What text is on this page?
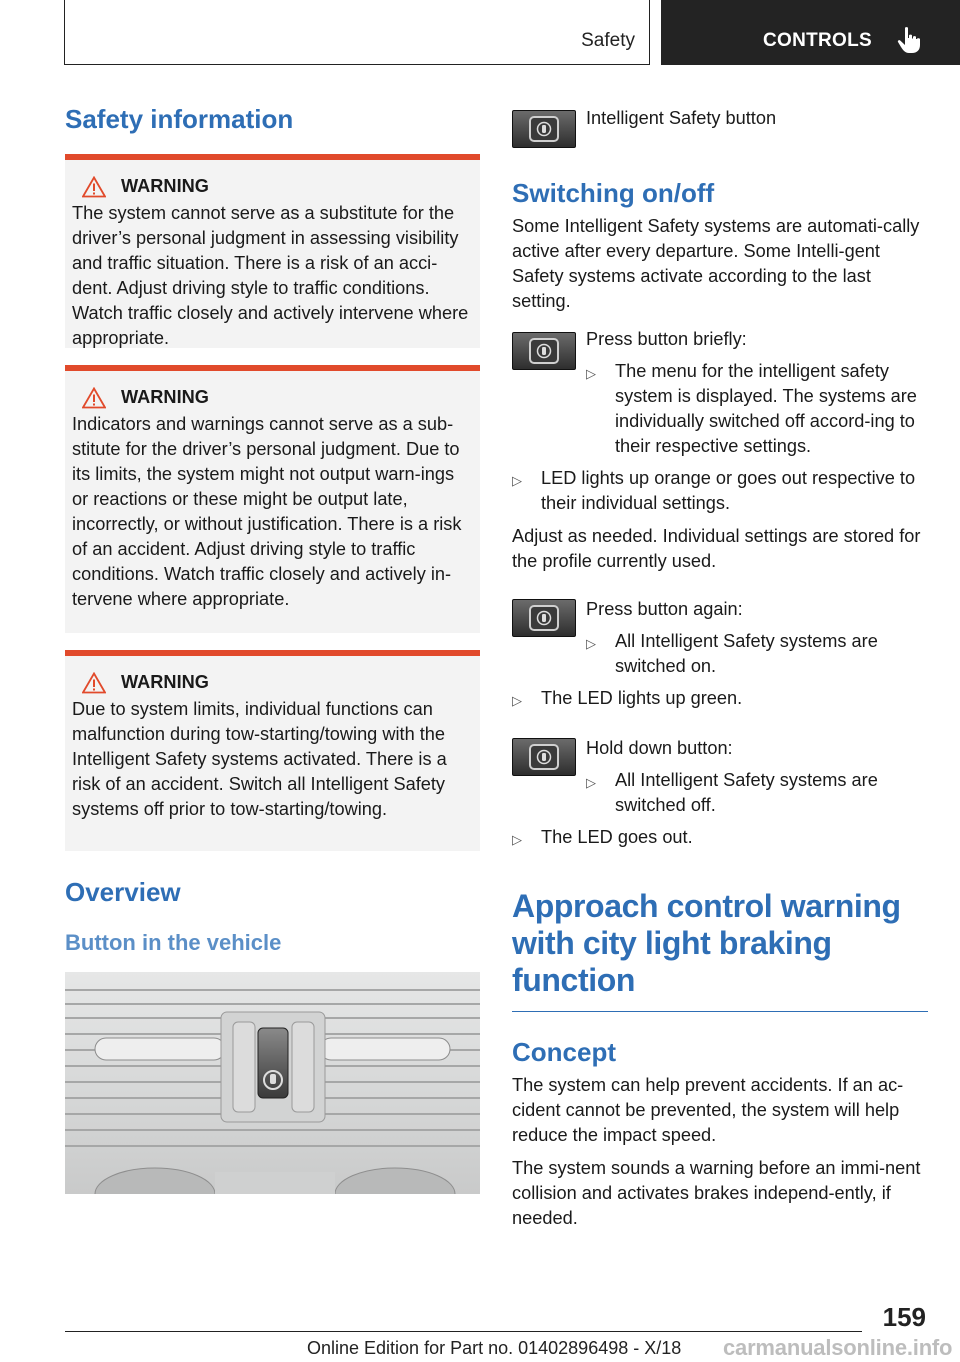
Safety	CONTROLS
Safety information
WARNING
The system cannot serve as a substitute for the driver’s personal judgment in assessing visibility and traffic situation. There is a risk of an acci-dent. Adjust driving style to traffic conditions. Watch traffic closely and actively intervene where appropriate.
WARNING
Indicators and warnings cannot serve as a sub-stitute for the driver’s personal judgment. Due to its limits, the system might not output warn-ings or reactions or these might be output late, incorrectly, or without justification. There is a risk of an accident. Adjust driving style to traffic conditions. Watch traffic closely and actively in-tervene where appropriate.
WARNING
Due to system limits, individual functions can malfunction during tow-starting/towing with the Intelligent Safety systems activated. There is a risk of an accident. Switch all Intelligent Safety systems off prior to tow-starting/towing.
Overview
Button in the vehicle

Intelligent Safety button

Switching on/off

Some Intelligent Safety systems are automati-cally active after every departure. Some Intelli-gent Safety systems activate according to the last setting.

Press button briefly:

▷	The menu for the intelligent safety system is displayed. The systems are individually switched off accord-ing to their respective settings.
▷	LED lights up orange or goes out respective to their individual settings.

Adjust as needed. Individual settings are stored for the profile currently used.

Press button again:

▷	All Intelligent Safety systems are switched on.
▷	The LED lights up green.

Hold down button:

▷	All Intelligent Safety systems are switched off.
▷	The LED goes out.
Approach control warning with city light braking function
Concept

The system can help prevent accidents. If an ac-cident cannot be prevented, the system will help reduce the impact speed.

The system sounds a warning before an immi-nent collision and activates brakes independ-ently, if needed.

159
Online Edition for Part no. 01402896498 - X/18 carmanualsonline.info
